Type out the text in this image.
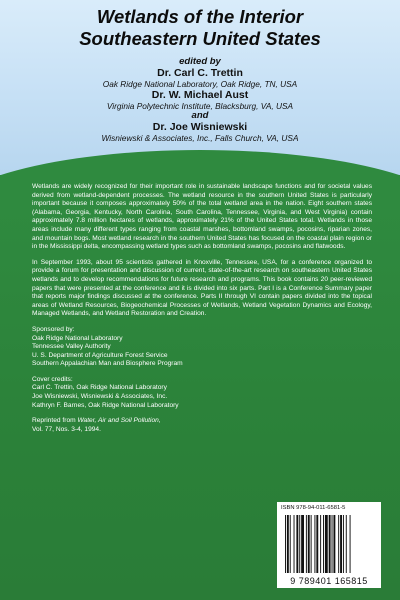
Wetlands of the Interior
Southeastern United States
edited by
Dr. Carl C. Trettin
Oak Ridge National Laboratory, Oak Ridge, TN, USA
Dr. W. Michael Aust
Virginia Polytechnic Institute, Blacksburg, VA, USA
and
Dr. Joe Wisniewski
Wisniewski & Associates, Inc., Falls Church, VA, USA

Wetlands are widely recognized for their important role in sustainable landscape functions and for societal values derived from wetland-dependent processes. The wetland resource in the southern United States is particularly important because it composes approximately 50% of the total wetland area in the nation. Eight southern states (Alabama, Georgia, Kentucky, North Carolina, South Carolina, Tennessee, Virginia, and West Virginia) contain approximately 7.8 million hectares of wetlands, approximately 21% of the United States total. Wetlands in those areas include many different types ranging from coastal marshes, bottomland swamps, pocosins, riparian zones, and mountain bogs. Most wetland research in the southern United States has focused on the coastal plain region or in the Mississippi delta, encompassing wetland types such as bottomland swamps, pocosins and flatwoods.

In September 1993, about 95 scientists gathered in Knoxville, Tennessee, USA, for a conference organized to provide a forum for presentation and discussion of current, state-of-the-art research on southeastern United States wetlands and to develop recommendations for future research and programs. This book contains 20 peer-reviewed papers that were presented at the conference and it is divided into six parts. Part I is a Conference Summary paper that reports major findings discussed at the conference. Parts II through VI contain papers divided into the topical areas of Wetland Resources, Biogeochemical Processes of Wetlands, Wetland Vegetation Dynamics and Ecology, Managed Wetlands, and Wetland Restoration and Creation.

Sponsored by:
Oak Ridge National Laboratory
Tennessee Valley Authority
U. S. Department of Agriculture Forest Service
Southern Appalachian Man and Biosphere Program
Cover credits:
Carl C. Trettin, Oak Ridge National Laboratory
Joe Wisniewski, Wisniewski & Associates, Inc.
Kathryn F. Barnes, Oak Ridge National Laboratory
Reprinted from Water, Air and Soil Pollution,
Vol. 77, Nos. 3-4, 1994.
ISBN 978-94-011-6581-5
9 789401 165815
